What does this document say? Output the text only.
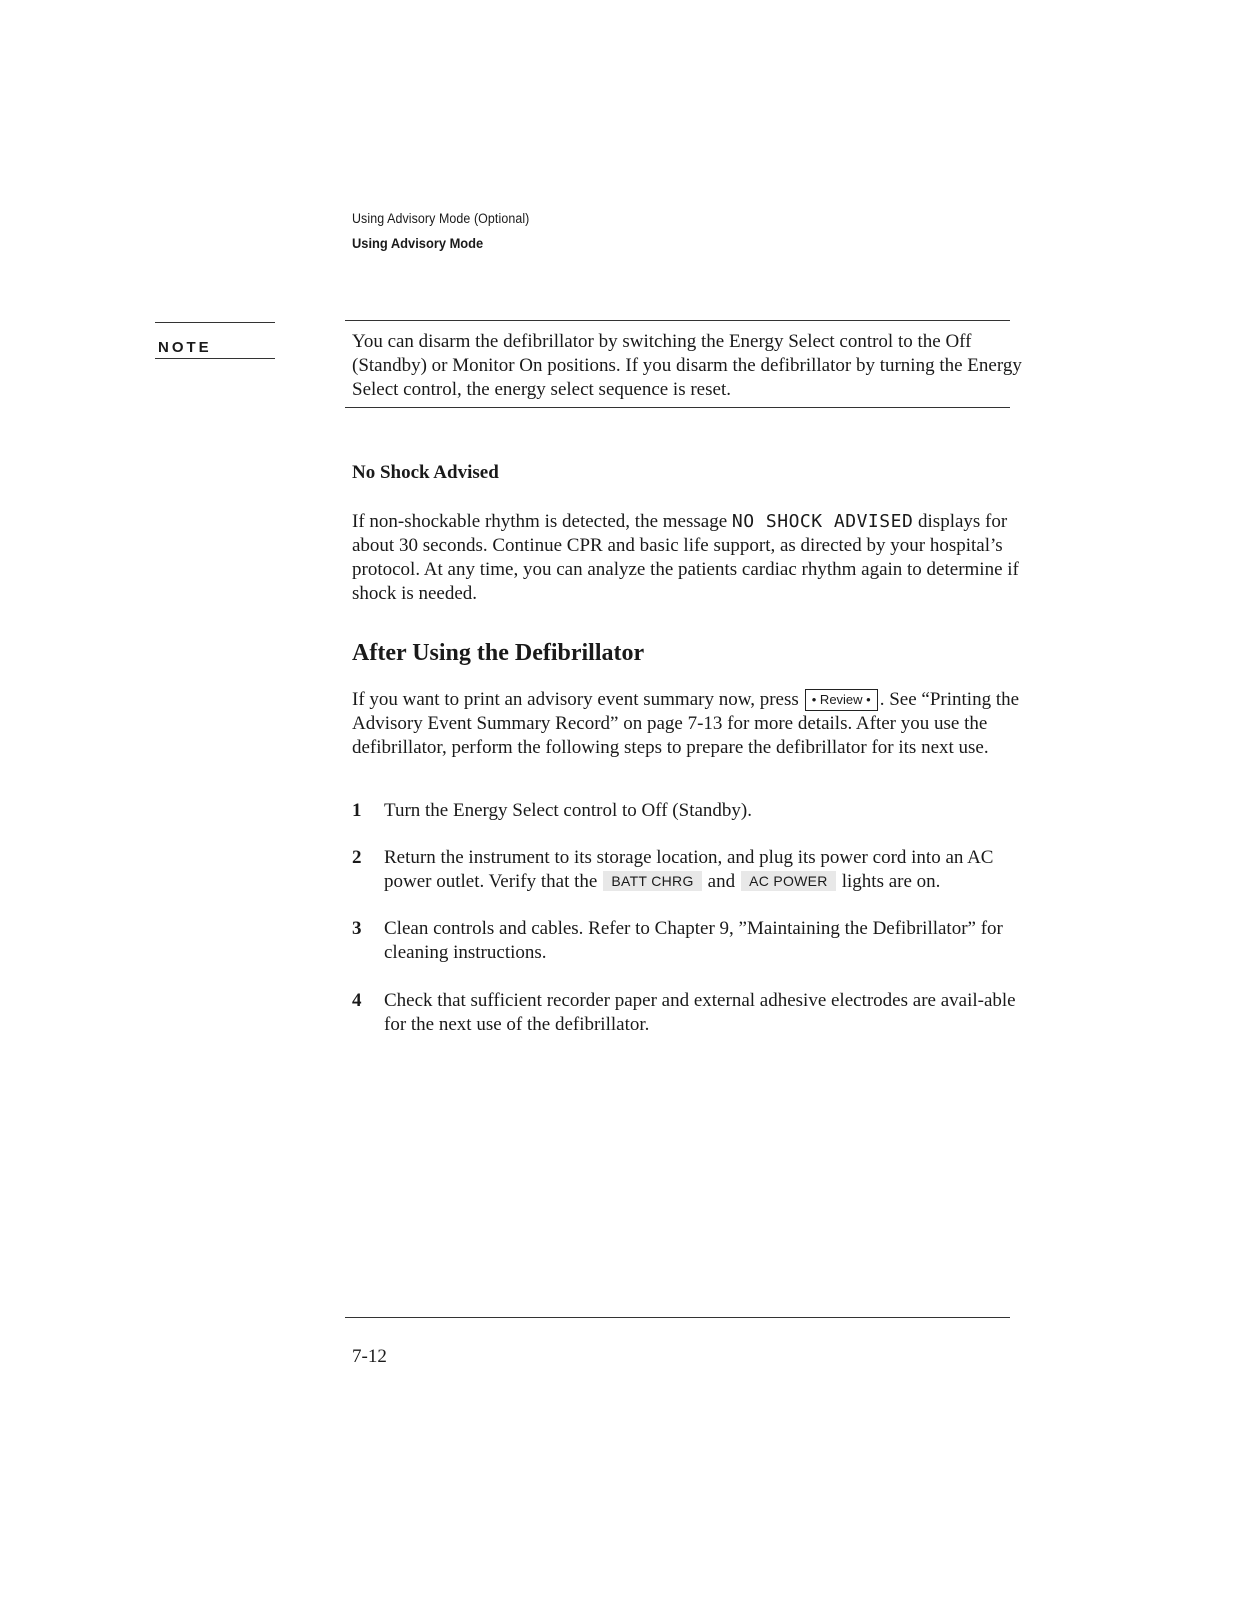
Using Advisory Mode (Optional)
Using Advisory Mode
NOTE	You can disarm the defibrillator by switching the Energy Select control to the Off (Standby) or Monitor On positions. If you disarm the defibrillator by turning the Energy Select control, the energy select sequence is reset.
No Shock Advised
If non-shockable rhythm is detected, the message NO SHOCK ADVISED displays for about 30 seconds. Continue CPR and basic life support, as directed by your hospital’s protocol. At any time, you can analyze the patients cardiac rhythm again to determine if shock is needed.
After Using the Defibrillator
If you want to print an advisory event summary now, press • Review • . See “Printing the Advisory Event Summary Record” on page 7-13 for more details. After you use the defibrillator, perform the following steps to prepare the defibrillator for its next use.
1 Turn the Energy Select control to Off (Standby).
2 Return the instrument to its storage location, and plug its power cord into an AC power outlet. Verify that the BATT CHRG and AC POWER lights are on.
3 Clean controls and cables. Refer to Chapter 9, ”Maintaining the Defibrillator” for cleaning instructions.
4 Check that sufficient recorder paper and external adhesive electrodes are avail-able for the next use of the defibrillator.
7-12
